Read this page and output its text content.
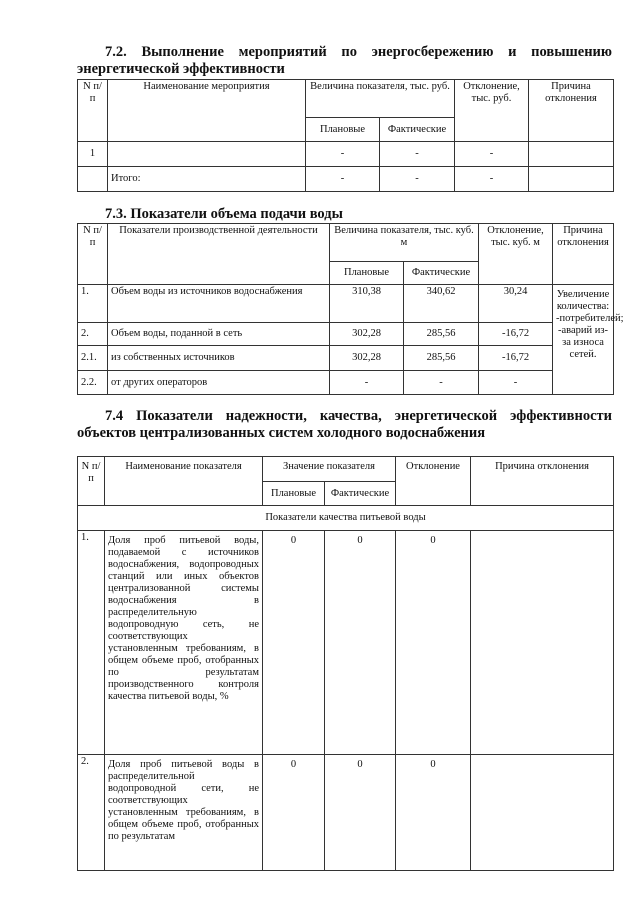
7.2. Выполнение мероприятий по энергосбережению и повышению
энергетической эффективности
N п/п	Наименование мероприятия	Величина показателя, тыс. руб.		Отклонение, тыс. руб.	Причина отклонения
		Плановые	Фактические		
1		-	-	-	
	Итого:	-	-	-	
7.3. Показатели объема подачи воды
N п/п	Показатели производственной деятельности	Величина показателя, тыс. куб. м		Отклонение, тыс. куб. м	Причина отклонения
		Плановые	Фактические		
1.	Объем воды из источников водоснабжения	310,38	340,62	30,24	Увеличение количества: -потребителей; -аварий из-за износа сетей.
2.	Объем воды, поданной в сеть	302,28	285,56	-16,72	
2.1.	из собственных источников	302,28	285,56	-16,72	
2.2.	от других операторов	-	-	-	
7.4 Показатели надежности, качества, энергетической эффективности
объектов централизованных систем холодного водоснабжения
N п/п	Наименование показателя	Значение показателя		Отклонение	Причина отклонения
		Плановые	Фактические		
Показатели качества питьевой воды					
1.	Доля проб питьевой воды, подаваемой с источников водоснабжения, водопроводных станций или иных объектов централизованной системы водоснабжения в распределительную водопроводную сеть, не соответствующих установленным требованиям, в общем объеме проб, отобранных по результатам производственного контроля качества питьевой воды, %	0	0	0	
2.	Доля проб питьевой воды в распределительной водопроводной сети, не соответствующих установленным требованиям, в общем объеме проб, отобранных по результатам	0	0	0	
